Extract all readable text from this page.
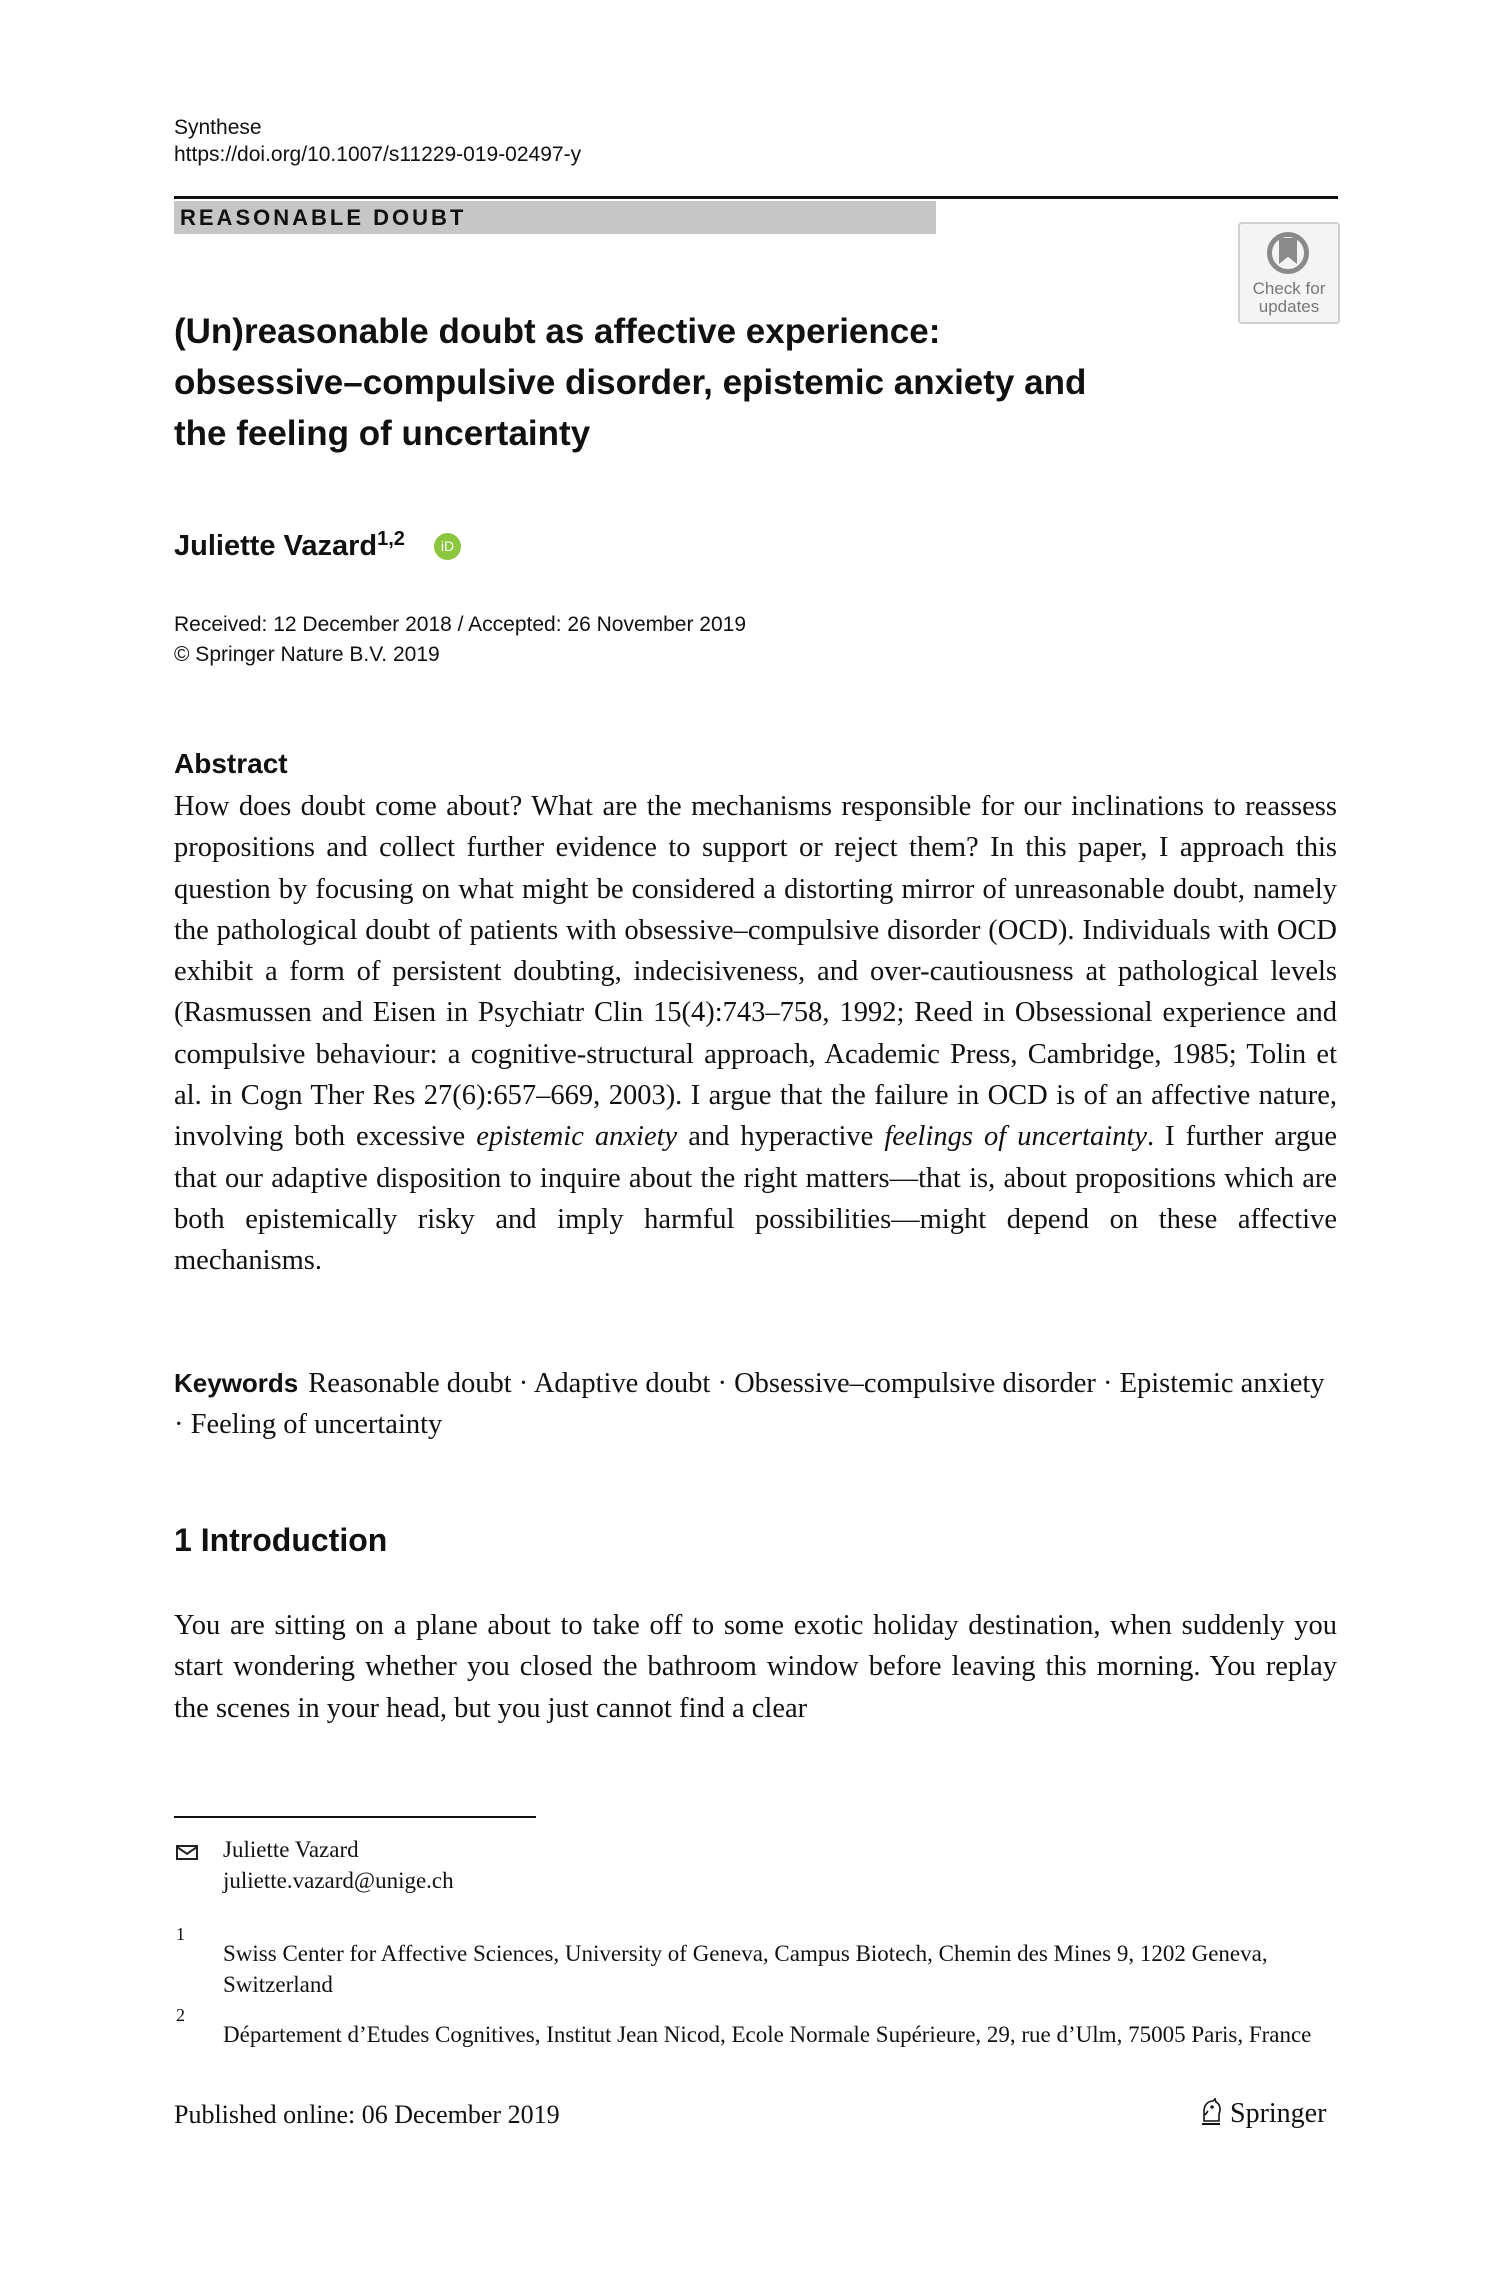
Synthese
https://doi.org/10.1007/s11229-019-02497-y
REASONABLE DOUBT
Check for
updates
(Un)reasonable doubt as affective experience: obsessive–compulsive disorder, epistemic anxiety and the feeling of uncertainty
Juliette Vazard$^{1,2}$	iD
Received: 12 December 2018 / Accepted: 26 November 2019
© Springer Nature B.V. 2019
Abstract

How does doubt come about? What are the mechanisms responsible for our inclinations to reassess propositions and collect further evidence to support or reject them? In this paper, I approach this question by focusing on what might be considered a distorting mirror of unreasonable doubt, namely the pathological doubt of patients with obsessive–compulsive disorder (OCD). Individuals with OCD exhibit a form of persistent doubting, indecisiveness, and over-cautiousness at pathological levels (Rasmussen and Eisen in Psychiatr Clin 15(4):743–758, 1992; Reed in Obsessional experience and compulsive behaviour: a cognitive-structural approach, Academic Press, Cambridge, 1985; Tolin et al. in Cogn Ther Res 27(6):657–669, 2003). I argue that the failure in OCD is of an affective nature, involving both excessive epistemic anxiety and hyperactive feelings of uncertainty. I further argue that our adaptive disposition to inquire about the right matters—that is, about propositions which are both epistemically risky and imply harmful possibilities—might depend on these affective mechanisms.

Keywords Reasonable doubt · Adaptive doubt · Obsessive–compulsive disorder · Epistemic anxiety · Feeling of uncertainty
1 Introduction

You are sitting on a plane about to take off to some exotic holiday destination, when suddenly you start wondering whether you closed the bathroom window before leaving this morning. You replay the scenes in your head, but you just cannot find a clear

Juliette Vazard
juliette.vazard@unige.ch
1
Swiss Center for Affective Sciences, University of Geneva, Campus Biotech, Chemin des Mines 9, 1202 Geneva, Switzerland
2
Département d’Etudes Cognitives, Institut Jean Nicod, Ecole Normale Supérieure, 29, rue d’Ulm, 75005 Paris, France
Published online: 06 December 2019	Springer
